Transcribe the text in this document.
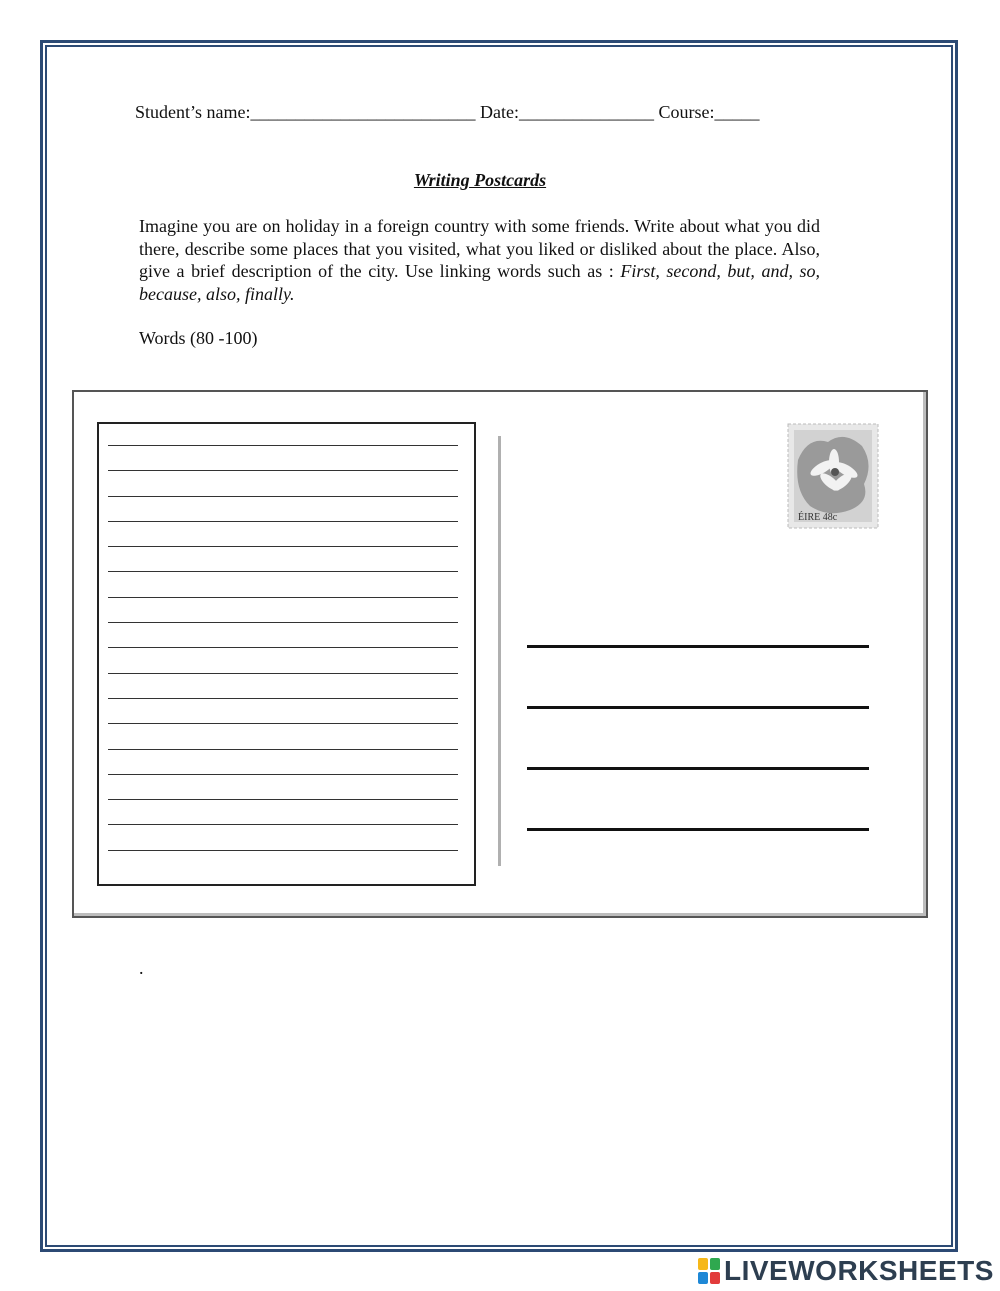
Student’s name:_________________________ Date:_______________ Course:_____
Writing Postcards
Imagine you are on holiday in a foreign country with some friends. Write about what you did there, describe some places that you visited, what you liked or disliked about the place. Also, give a brief description of the city. Use linking words such as : First, second, but, and, so, because, also, finally.
Words (80 -100)
ÉIRE 48c
.
LIVEWORKSHEETS
